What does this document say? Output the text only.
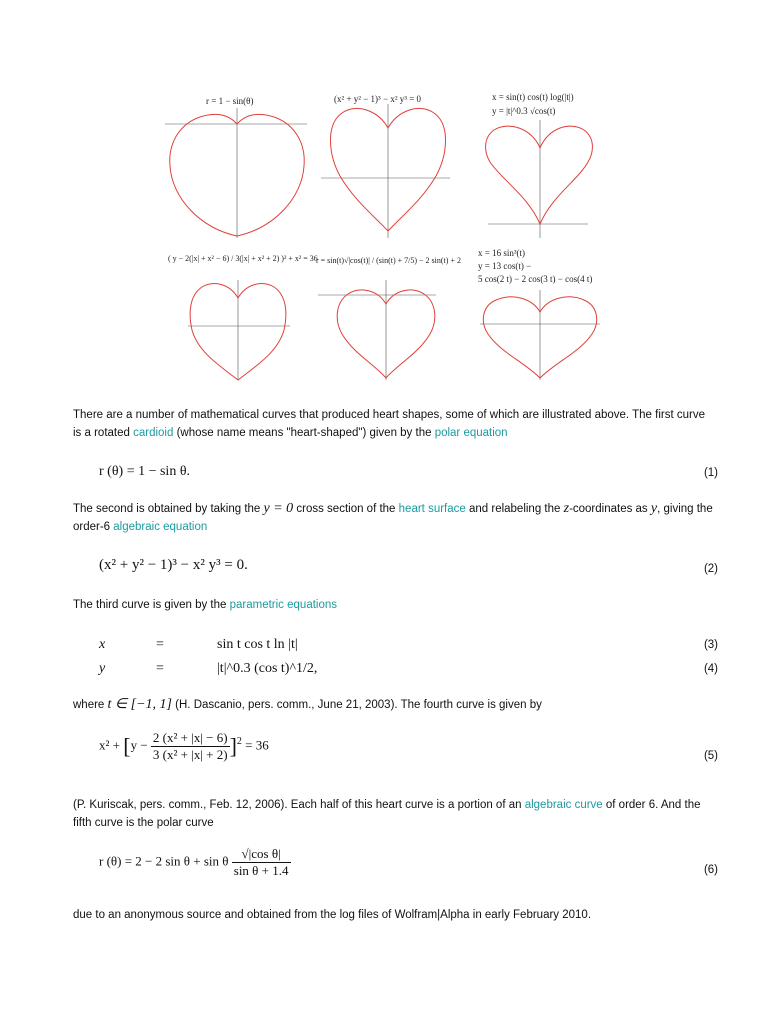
r = 1 − sin(θ)	(x² + y² − 1)³ − x² y³ = 0	x = sin(t) cos(t) log(|t|)
y = |t|^0.3 √cos(t)
( y − 2(|x| + x² − 6) / 3(|x| + x² + 2) )² + x² = 36
r = sin(t)√|cos(t)| / (sin(t) + 7/5) − 2 sin(t) + 2
x = 16 sin³(t)
y = 13 cos(t) −
5 cos(2 t) − 2 cos(3 t) − cos(4 t)
There are a number of mathematical curves that produced heart shapes, some of which are illustrated above. The first curve is a rotated cardioid (whose name means "heart-shaped") given by the polar equation
r (θ) = 1 − sin θ.	(1)
The second is obtained by taking the y = 0 cross section of the heart surface and relabeling the z-coordinates as y, giving the order-6 algebraic equation
(x² + y² − 1)³ − x² y³ = 0.	(2)
The third curve is given by the parametric equations
x	=	sin t cos t ln |t|	(3)
y	=	|t|^0.3 (cos t)^1/2,	(4)
where t ∈ [−1, 1] (H. Dascanio, pers. comm., June 21, 2003). The fourth curve is given by
$x^2 + [y - \frac{\text{2 (x² + |x| − 6)}}{\text{3 (x² + |x| + 2)}} ]^2 = 36$
(5)
(P. Kuriscak, pers. comm., Feb. 12, 2006). Each half of this heart curve is a portion of an algebraic curve of order 6. And the fifth curve is the polar curve
r (θ) = 2 − 2 sin θ + sin θ $\frac{\text{√|cos θ|}}{\text{sin θ + 1.4}}$	(6)
due to an anonymous source and obtained from the log files of Wolfram|Alpha in early February 2010.
